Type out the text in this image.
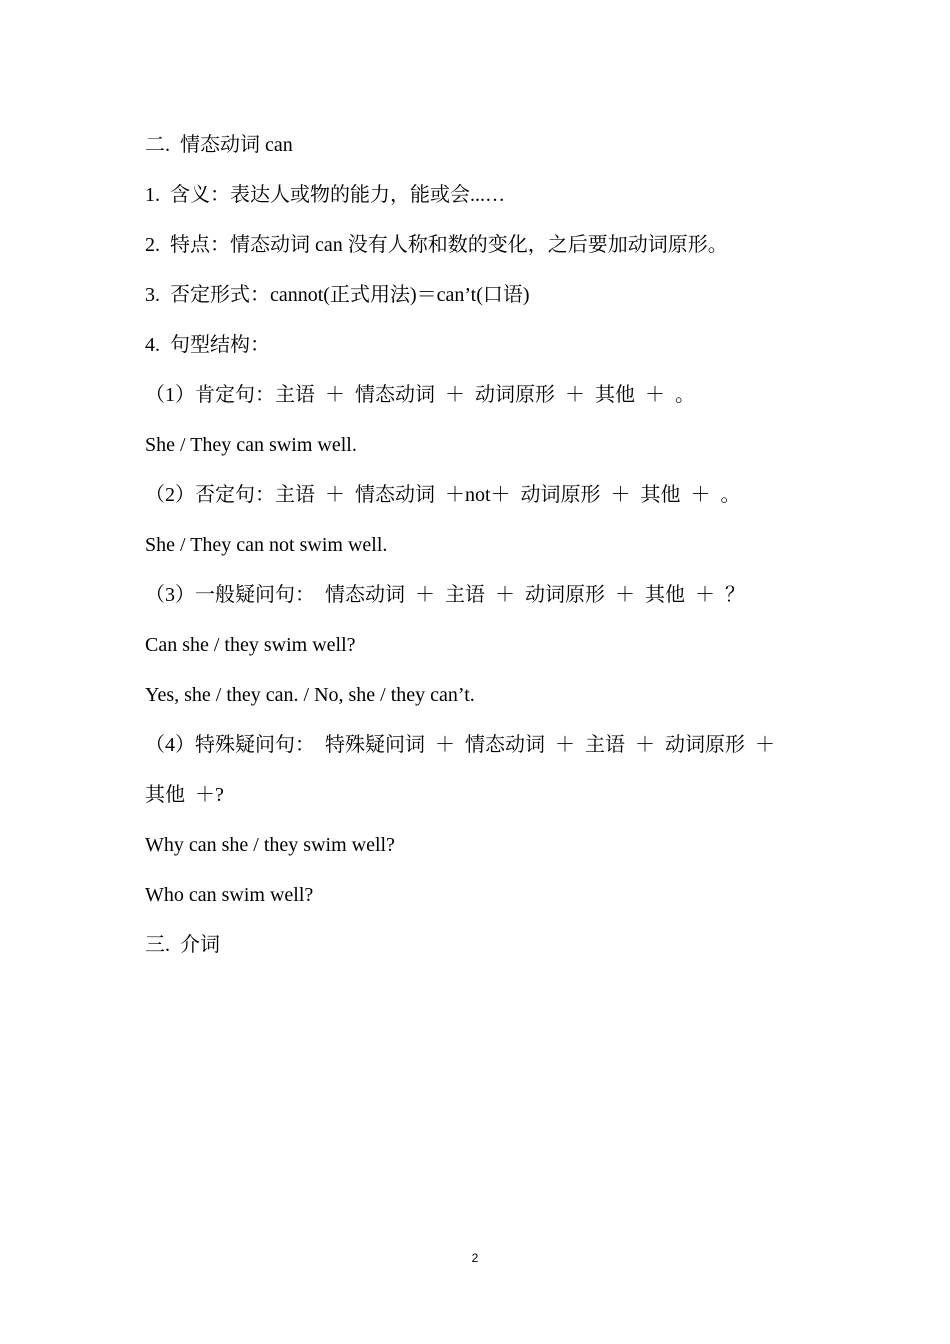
二.  情态动词 can
1.  含义：表达人或物的能力，能或会...…
2.  特点：情态动词 can 没有人称和数的变化，之后要加动词原形。
3.  否定形式：cannot(正式用法)＝can’t(口语)
4.  句型结构：
（1）肯定句：主语  ＋  情态动词  ＋  动词原形  ＋  其他  ＋  。
She / They can swim well.
（2）否定句：主语  ＋  情态动词  ＋not＋  动词原形  ＋  其他  ＋  。
She / They can not swim well.
（3）一般疑问句：  情态动词  ＋  主语  ＋  动词原形  ＋  其他  ＋  ？
Can she / they swim well?
Yes, she / they can. / No, she / they can’t.
（4）特殊疑问句：  特殊疑问词  ＋  情态动词  ＋  主语  ＋  动词原形  ＋
其他  ＋?
Why can she / they swim well?
Who can swim well?
三.  介词
2
